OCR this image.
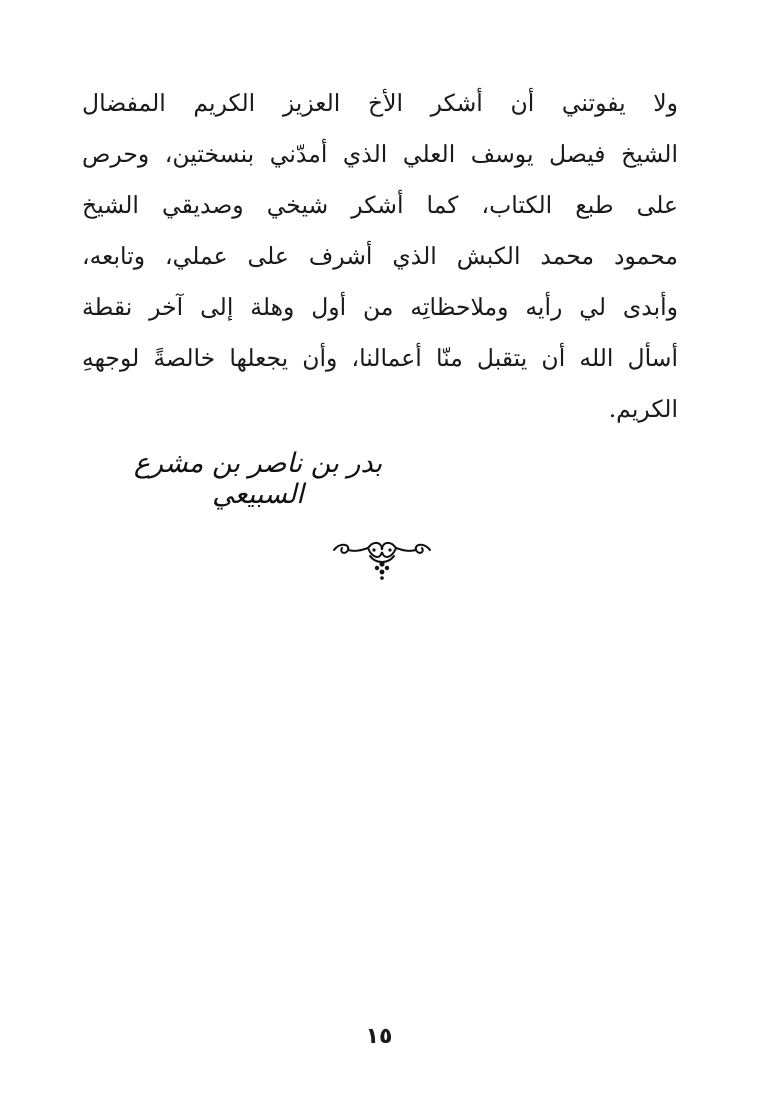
ولا يفوتني أن أشكر الأخ العزيز الكريم المفضال
الشيخ فيصل يوسف العلي الذي أمدّني بنسختين، وحرص
على طبع الكتاب، كما أشكر شيخي وصديقي الشيخ
محمود محمد الكبش الذي أشرف على عملي، وتابعه،
وأبدى لي رأيه وملاحظاتِه من أول وهلة إلى آخر نقطة
أسأل الله أن يتقبل منّا أعمالنا، وأن يجعلها خالصةً لوجههِ
الكريم.
بدر بن ناصر بن مشرع السبيعي
١٥
